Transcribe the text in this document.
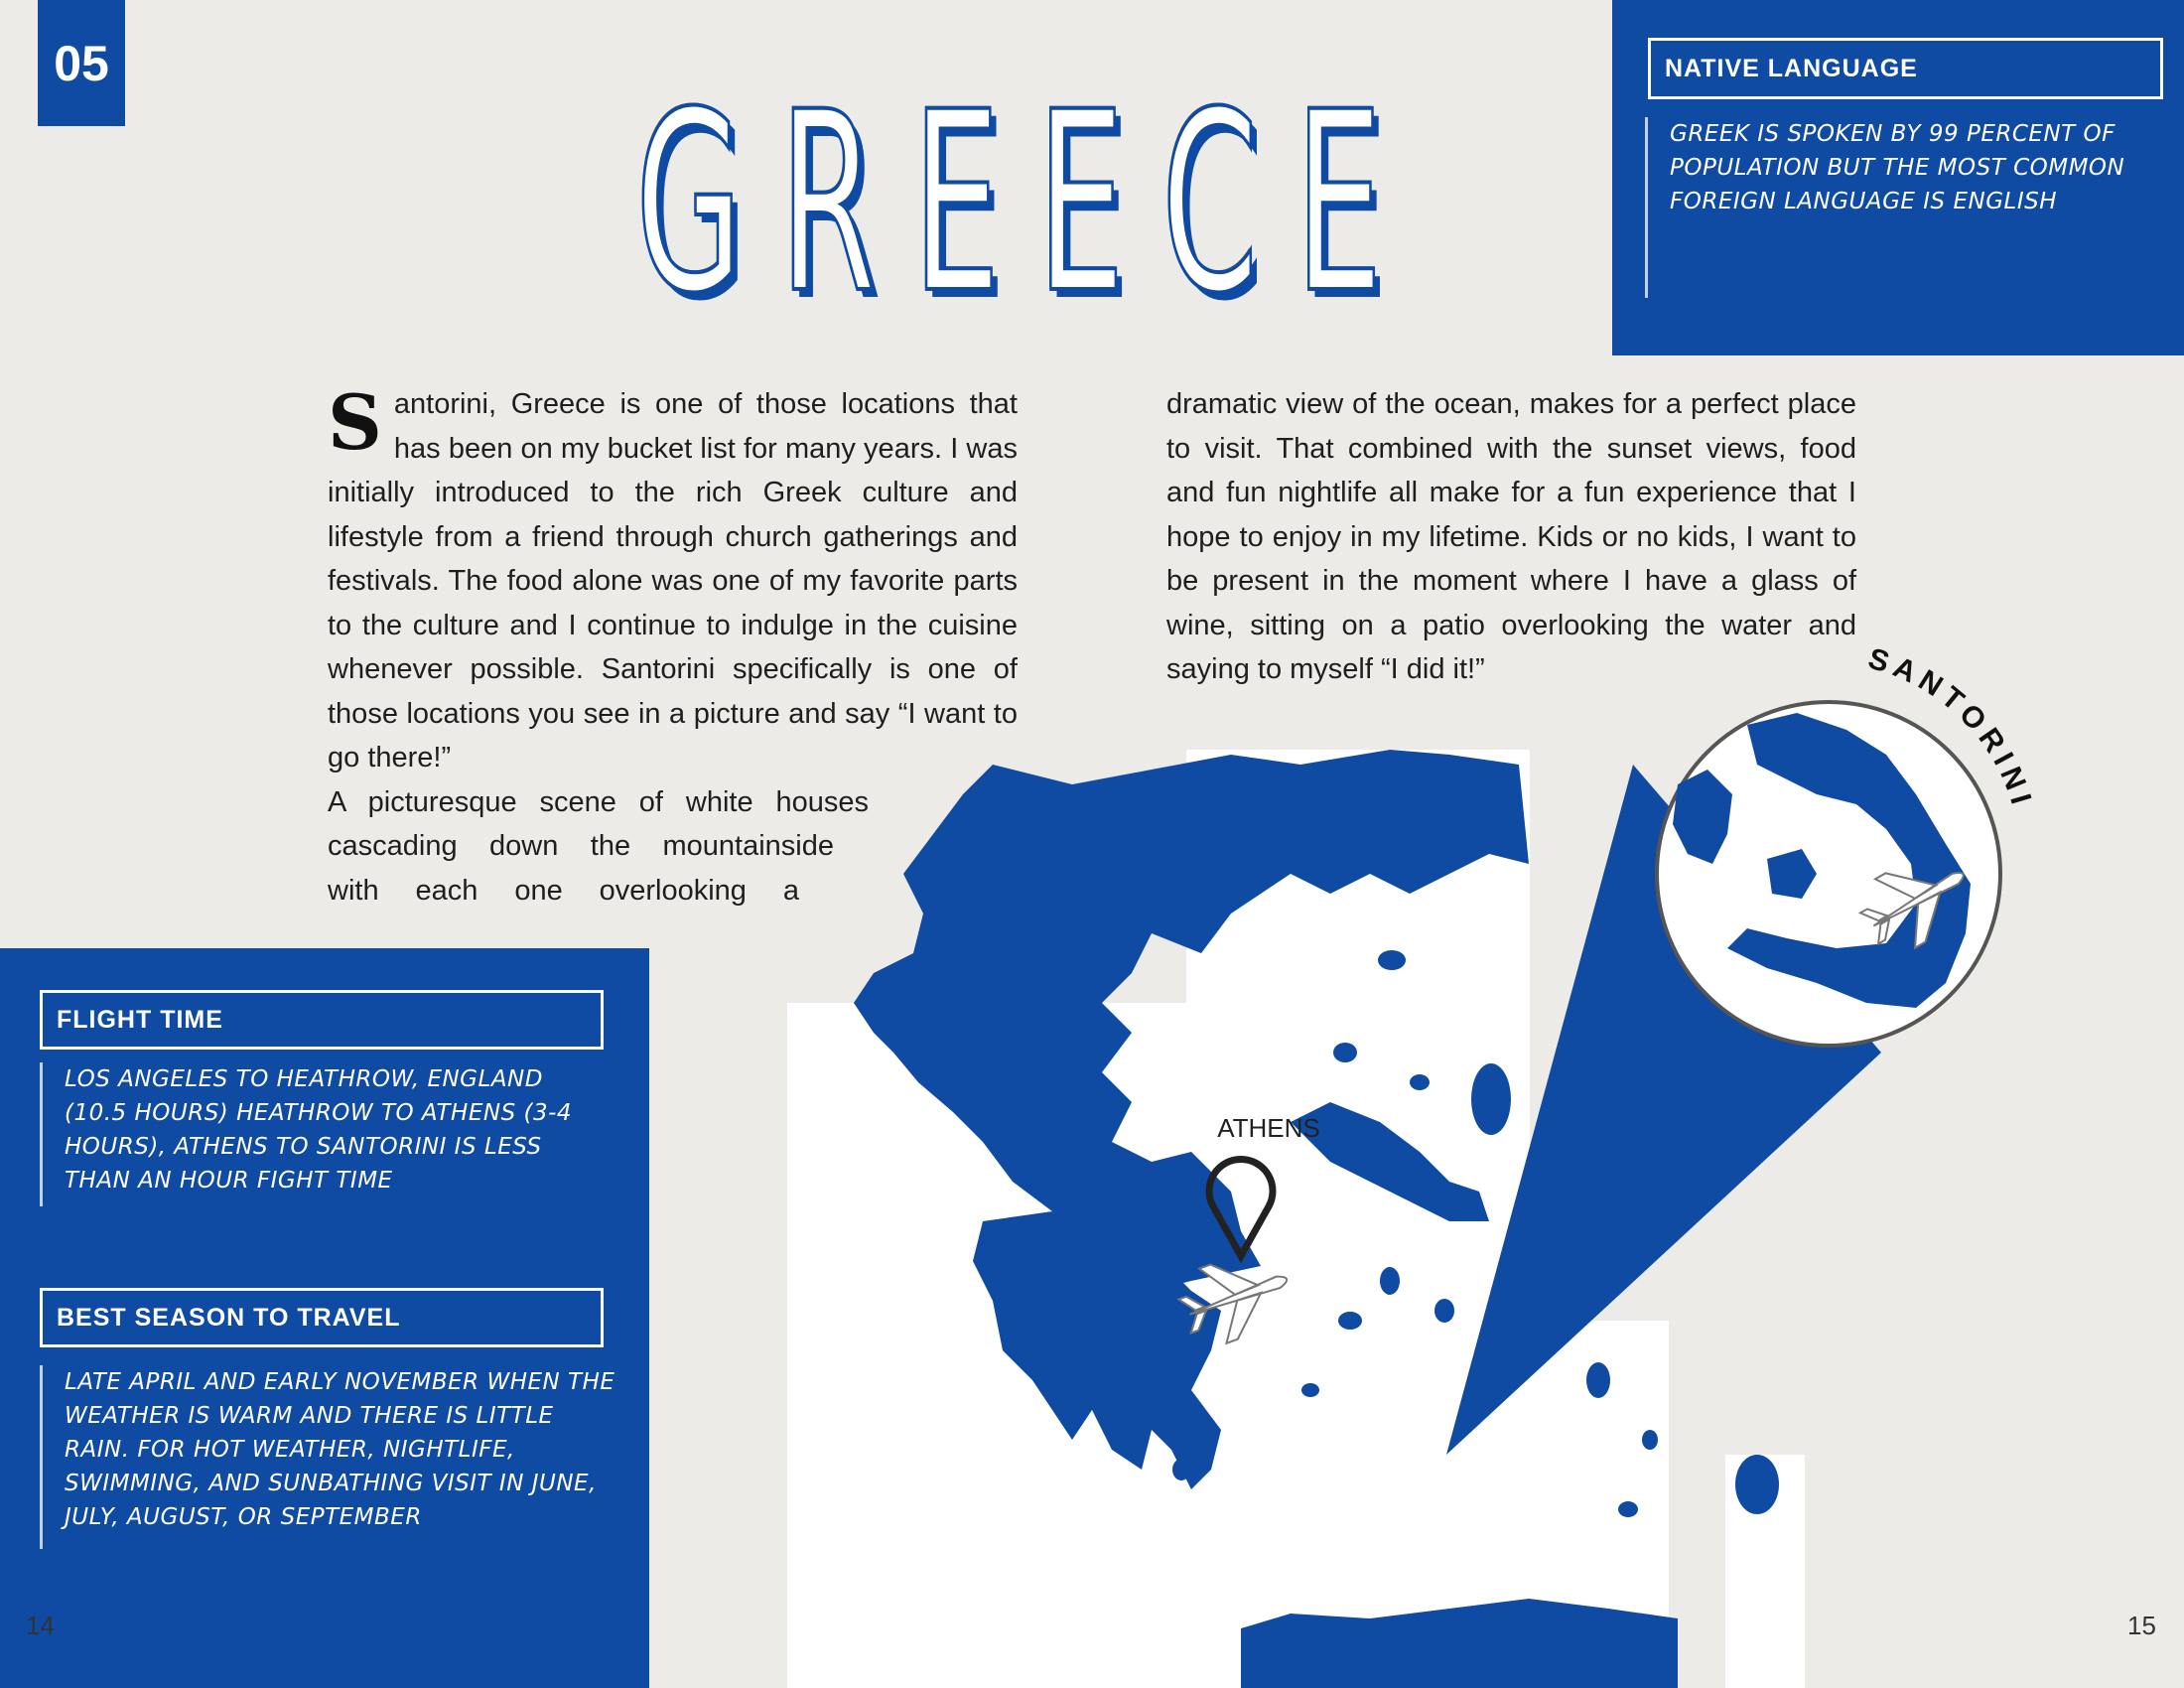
ATHENS
SANTORINI
05 GREECE	NATIVE LANGUAGE
GREEK IS SPOKEN BY 99 PERCENT OF POPULATION BUT THE MOST COMMON FOREIGN LANGUAGE IS ENGLISH
Santorini, Greece is one of those locations that has been on my bucket list for many years. I was initially introduced to the rich Greek culture and lifestyle from a friend through church gatherings and festivals. The food alone was one of my favorite parts to the culture and I continue to indulge in the cuisine whenever possible. Santorini specifically is one of those locations you see in a picture and say “I want to go there!”
A picturesque scene of white houses
cascading down the mountainside
with each one overlooking a
dramatic view of the ocean, makes for a perfect place to visit. That combined with the sunset views, food and fun nightlife all make for a fun experience that I hope to enjoy in my lifetime. Kids or no kids, I want to be present in the moment where I have a glass of wine, sitting on a patio overlooking the water and saying to myself “I did it!”
FLIGHT TIME
LOS ANGELES TO HEATHROW, ENGLAND (10.5 HOURS) HEATHROW TO ATHENS (3-4 HOURS), ATHENS TO SANTORINI IS LESS THAN AN HOUR FIGHT TIME
BEST SEASON TO TRAVEL
LATE APRIL AND EARLY NOVEMBER WHEN THE WEATHER IS WARM AND THERE IS LITTLE RAIN. FOR HOT WEATHER, NIGHTLIFE, SWIMMING, AND SUNBATHING VISIT IN JUNE, JULY, AUGUST, OR SEPTEMBER
14	15
